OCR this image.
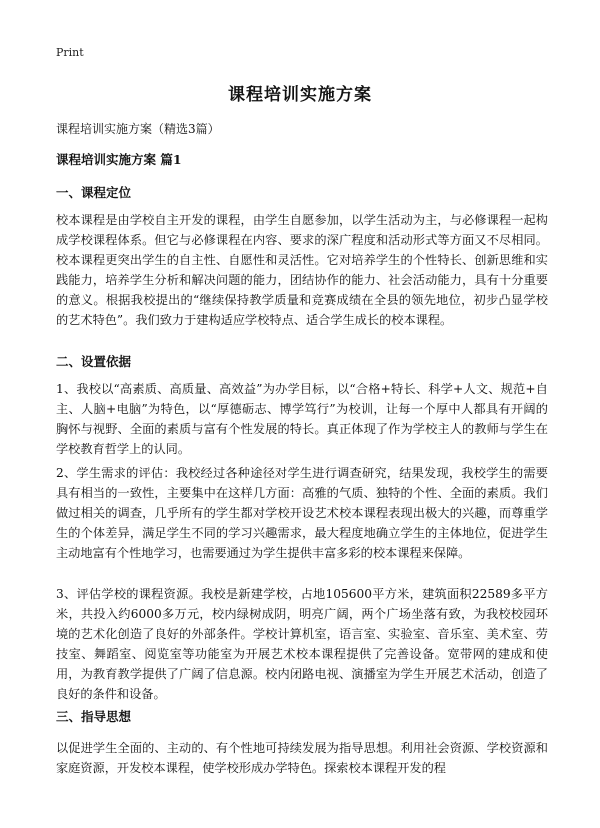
Print
课程培训实施方案
课程培训实施方案（精选3篇）
课程培训实施方案 篇1
一、课程定位
校本课程是由学校自主开发的课程，由学生自愿参加，以学生活动为主，与必修课程一起构成学校课程体系。但它与必修课程在内容、要求的深广程度和活动形式等方面又不尽相同。校本课程更突出学生的自主性、自愿性和灵活性。它对培养学生的个性特长、创新思维和实践能力，培养学生分析和解决问题的能力，团结协作的能力、社会活动能力，具有十分重要的意义。根据我校提出的“继续保持教学质量和竞赛成绩在全县的领先地位，初步凸显学校的艺术特色”。我们致力于建构适应学校特点、适合学生成长的校本课程。
二、设置依据
1、我校以“高素质、高质量、高效益”为办学目标，以“合格+特长、科学+人文、规范+自主、人脑+电脑”为特色，以“厚德砺志、博学笃行”为校训，让每一个厚中人都具有开阔的胸怀与视野、全面的素质与富有个性发展的特长。真正体现了作为学校主人的教师与学生在学校教育哲学上的认同。
2、学生需求的评估：我校经过各种途径对学生进行调查研究，结果发现，我校学生的需要具有相当的一致性，主要集中在这样几方面：高雅的气质、独特的个性、全面的素质。我们做过相关的调查，几乎所有的学生都对学校开设艺术校本课程表现出极大的兴趣，而尊重学生的个体差异，满足学生不同的学习兴趣需求，最大程度地确立学生的主体地位，促进学生主动地富有个性地学习，也需要通过为学生提供丰富多彩的校本课程来保障。
3、评估学校的课程资源。我校是新建学校，占地105600平方米，建筑面积22589多平方米，共投入约6000多万元，校内绿树成阴，明亮广阔，两个广场坐落有致，为我校校园环境的艺术化创造了良好的外部条件。学校计算机室，语言室、实验室、音乐室、美术室、劳技室、舞蹈室、阅览室等功能室为开展艺术校本课程提供了完善设备。宽带网的建成和使用，为教育教学提供了广阔了信息源。校内闭路电视、演播室为学生开展艺术活动，创造了良好的条件和设备。
三、指导思想
以促进学生全面的、主动的、有个性地可持续发展为指导思想。利用社会资源、学校资源和家庭资源，开发校本课程，使学校形成办学特色。探索校本课程开发的程
